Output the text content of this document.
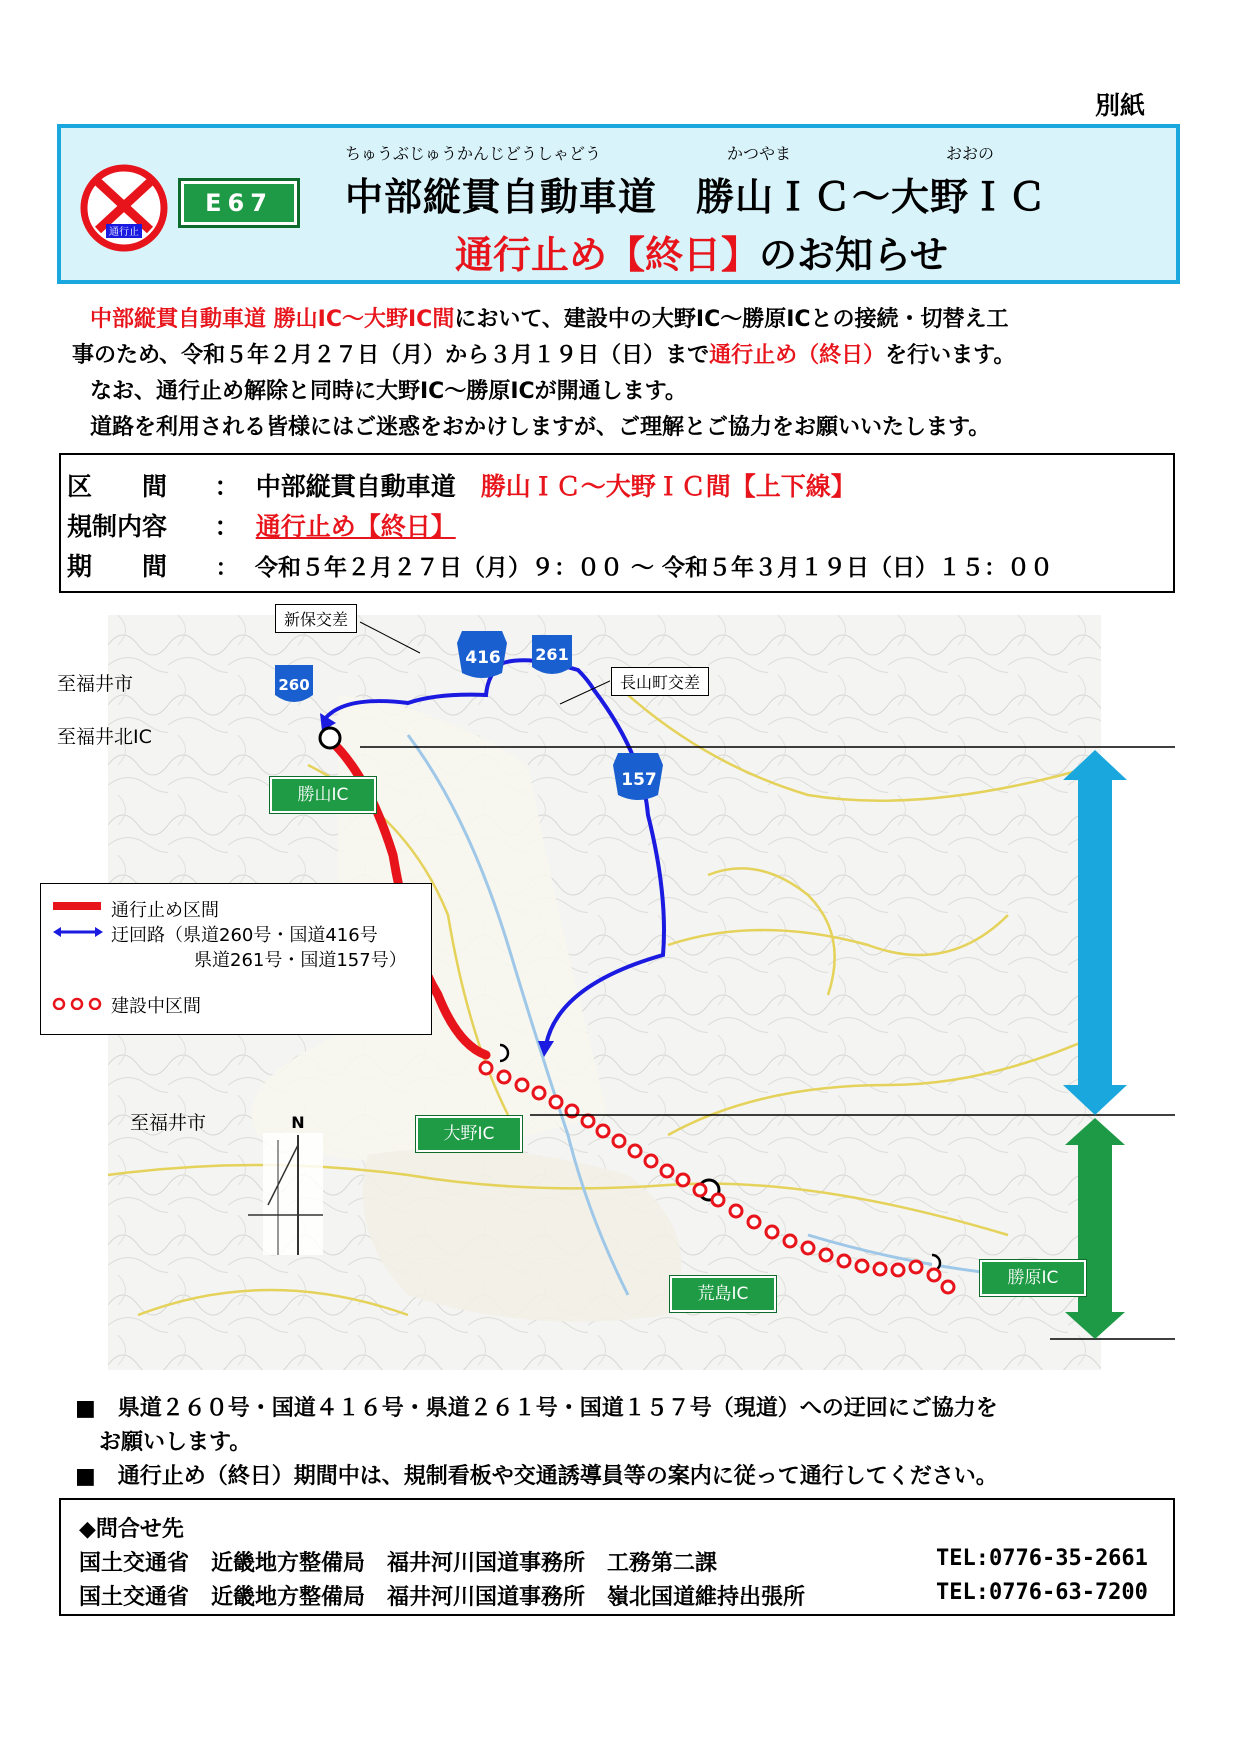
別紙
通行止
E67
ちゅうぶじゅうかんじどうしゃどう	かつやま	おおの
中部縦貫自動車道　勝山ＩＣ～大野ＩＣ
通行止め【終日】のお知らせ

中部縦貫自動車道 勝山IC～大野IC間において、建設中の大野IC～勝原ICとの接続・切替え工

事のため、令和５年２月２７日（月）から３月１９日（日）まで通行止め（終日）を行います。

なお、通行止め解除と同時に大野IC～勝原ICが開通します。

道路を利用される皆様にはご迷惑をおかけしますが、ご理解とご協力をお願いいたします。

区　　間 ： 中部縦貫自動車道　 勝山ＩＣ～大野ＩＣ間【上下線】
規制内容 ： 通行止め【終日】
期　　間 ： 令和５年２月２７日（月）９：００ ～ 令和５年３月１９日（日）１５：００
260
416 261
157
N
勝
山
Ｉ
Ｃ
～
大
野
Ｉ
Ｃ
大
野
Ｉ
Ｃ
～
勝
原
Ｉ
Ｃ
新保交差
長山町交差
至福井市
至福井北IC
至福井市
勝山IC
大野IC
荒島IC
勝原IC
通行止め区間
迂回路（県道260号・国道416号
県道261号・国道157号）
建設中区間

■　県道２６０号・国道４１６号・県道２６１号・国道１５７号（現道）への迂回にご協力を

お願いします。

■　通行止め（終日）期間中は、規制看板や交通誘導員等の案内に従って通行してください。

◆問合せ先
国土交通省　近畿地方整備局　福井河川国道事務所　工務第二課	TEL:0776-35-2661
国土交通省　近畿地方整備局　福井河川国道事務所　嶺北国道維持出張所	TEL:0776-63-7200
